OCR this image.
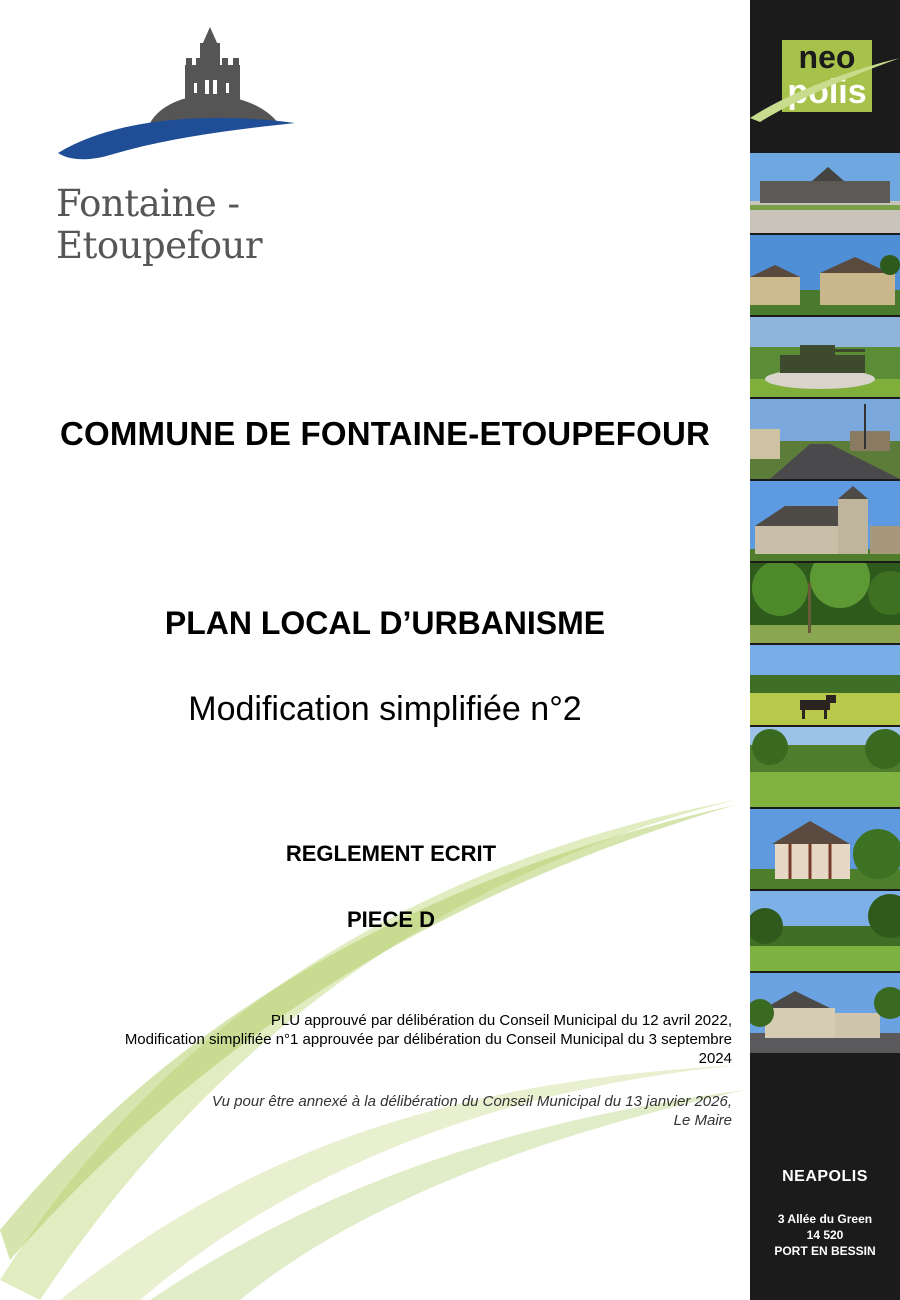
Fontaine -
Etoupefour
COMMUNE DE FONTAINE-ETOUPEFOUR
PLAN LOCAL D’URBANISME
Modification simplifiée n°2
REGLEMENT ECRIT
PIECE D
PLU approuvé par délibération du Conseil Municipal du 12 avril 2022,
Modification simplifiée n°1 approuvée par délibération du Conseil Municipal du 3 septembre
2024
Vu pour être annexé à la délibération du Conseil Municipal du 13 janvier 2026,
Le Maire
neo
polis
NEAPOLIS
3 Allée du Green
14 520
PORT EN BESSIN
